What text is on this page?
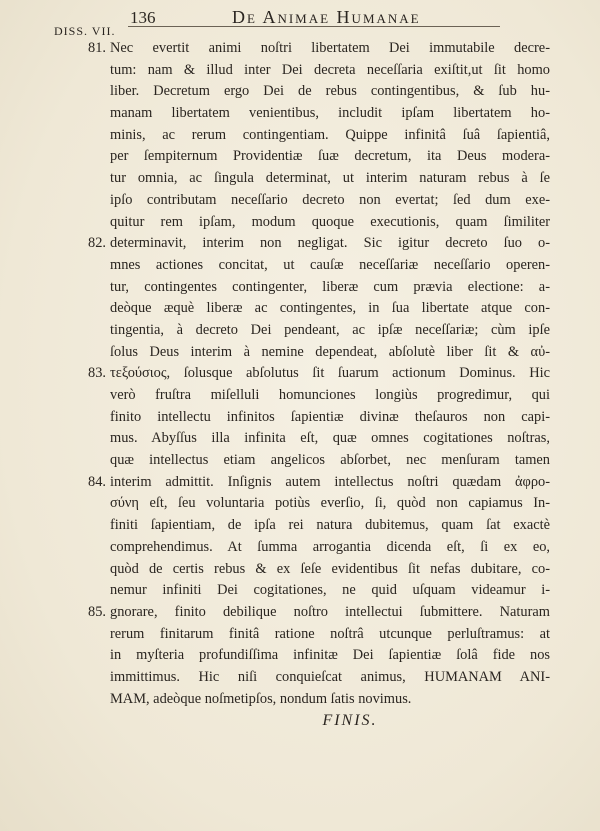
DISS. VII.
136	De Animae Humanae
81. Nec evertit animi noſtri libertatem Dei immutabile decre-
tum: nam & illud inter Dei decreta neceſſaria exiſtit,ut ſit homo
liber. Decretum ergo Dei de rebus contingentibus, & ſub hu-
manam libertatem venientibus, includit ipſam libertatem ho-
minis, ac rerum contingentiam. Quippe infinitâ ſuâ ſapientiâ,
per ſempiternum Providentiæ ſuæ decretum, ita Deus modera-
tur omnia, ac ſingula determinat, ut interim naturam rebus à ſe
ipſo contributam neceſſario decreto non evertat; ſed dum exe-
quitur rem ipſam, modum quoque executionis, quam ſimiliter
82. determinavit, interim non negligat. Sic igitur decreto ſuo o-
mnes actiones concitat, ut cauſæ neceſſariæ neceſſario operen-
tur, contingentes contingenter, liberæ cum prævia electione: a-
deòque æquè liberæ ac contingentes, in ſua libertate atque con-
tingentia, à decreto Dei pendeant, ac ipſæ neceſſariæ; cùm ipſe
ſolus Deus interim à nemine dependeat, abſolutè liber ſit & αὐ-
83. τεξούσιος, ſolusque abſolutus ſit ſuarum actionum Dominus. Hic
verò fruſtra miſelluli homunciones longiùs progredimur, qui
finito intellectu infinitos ſapientiæ divinæ theſauros non capi-
mus. Abyſſus illa infinita eſt, quæ omnes cogitationes noſtras,
quæ intellectus etiam angelicos abſorbet, nec menſuram tamen
84. interim admittit. Inſignis autem intellectus noſtri quædam ἀφρο-
σύνη eſt, ſeu voluntaria potiùs everſio, ſi, quòd non capiamus In-
finiti ſapientiam, de ipſa rei natura dubitemus, quam ſat exactè
comprehendimus. At ſumma arrogantia dicenda eſt, ſi ex eo,
quòd de certis rebus & ex ſeſe evidentibus ſit nefas dubitare, co-
nemur infiniti Dei cogitationes, ne quid uſquam videamur i-
85. gnorare, finito debilique noſtro intellectui ſubmittere. Naturam
rerum finitarum finitâ ratione noſtrâ utcunque perluſtramus: at
in myſteria profundiſſima infinitæ Dei ſapientiæ ſolâ fide nos
immittimus. Hic niſi conquieſcat animus, HUMANAM ANI-
MAM, adeòque noſmetipſos, nondum ſatis novimus.
FINIS.
